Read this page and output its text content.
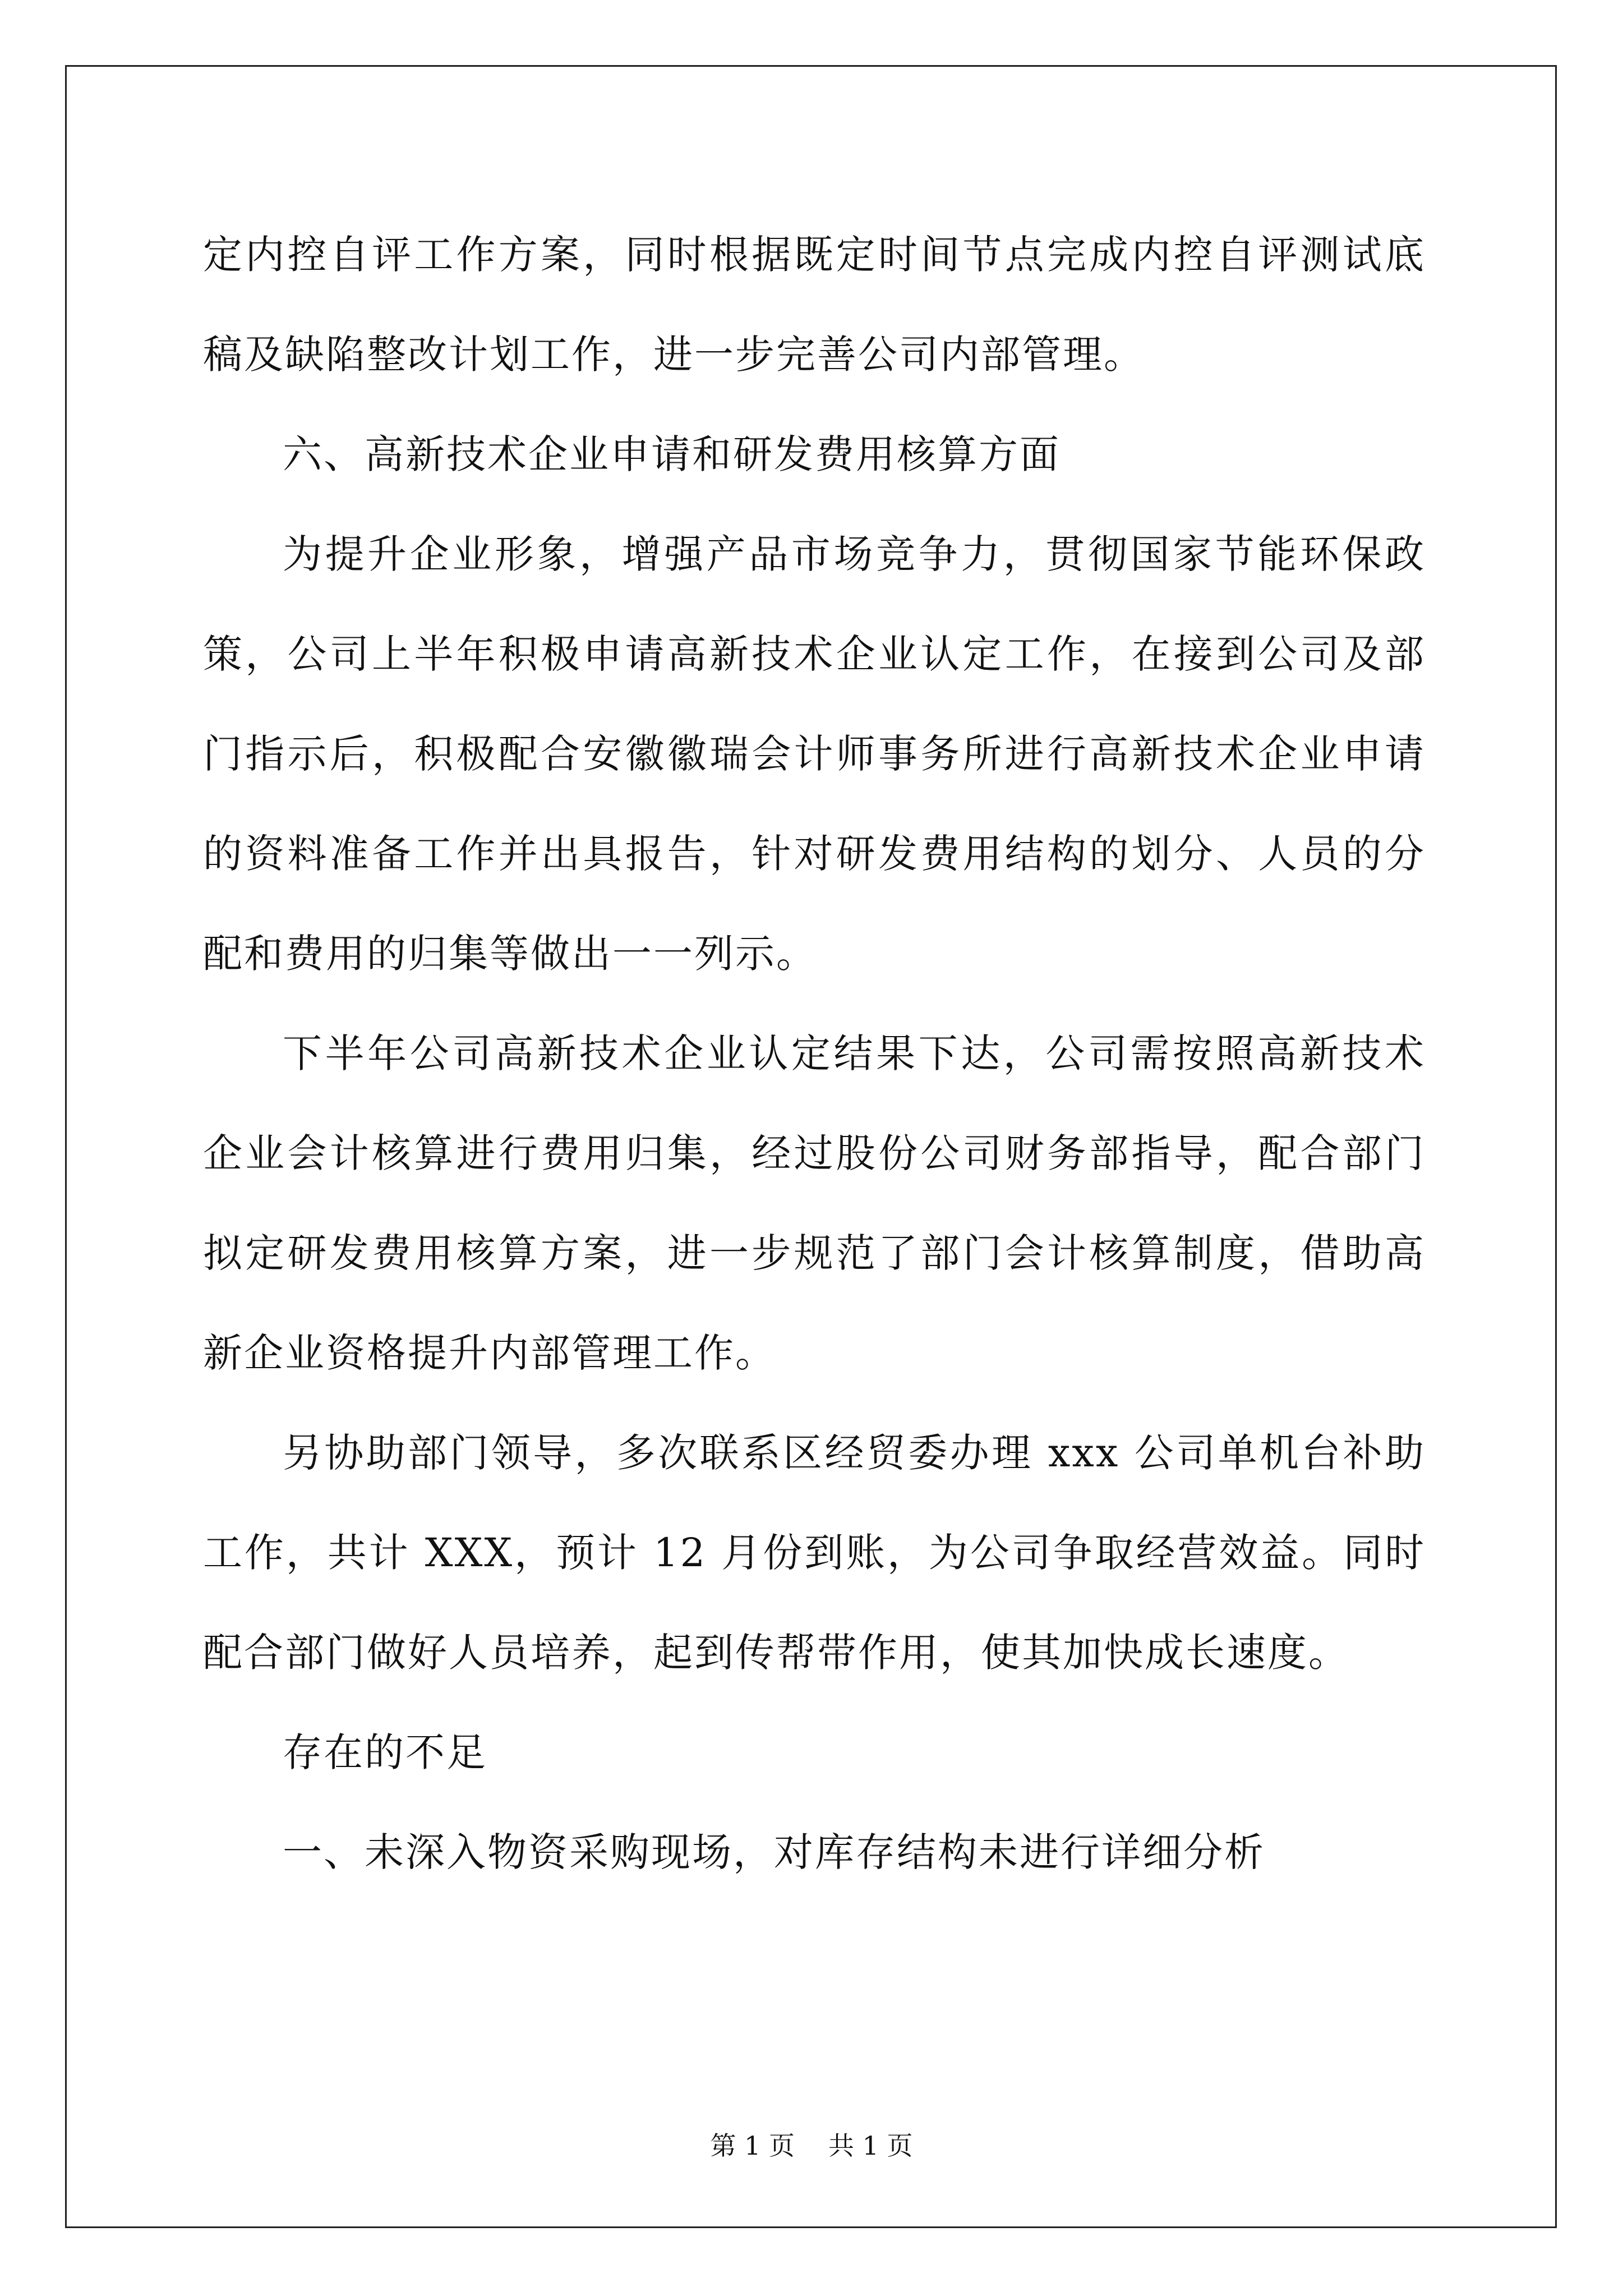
定内控自评工作方案，同时根据既定时间节点完成内控自评测试底稿及缺陷整改计划工作，进一步完善公司内部管理。

六、高新技术企业申请和研发费用核算方面

为提升企业形象，增强产品市场竞争力，贯彻国家节能环保政策，公司上半年积极申请高新技术企业认定工作，在接到公司及部门指示后，积极配合安徽徽瑞会计师事务所进行高新技术企业申请的资料准备工作并出具报告，针对研发费用结构的划分、人员的分配和费用的归集等做出一一列示。

下半年公司高新技术企业认定结果下达，公司需按照高新技术企业会计核算进行费用归集，经过股份公司财务部指导，配合部门拟定研发费用核算方案，进一步规范了部门会计核算制度，借助高新企业资格提升内部管理工作。

另协助部门领导，多次联系区经贸委办理 xxx 公司单机台补助工作，共计 XXX，预计 12 月份到账，为公司争取经营效益。同时配合部门做好人员培养，起到传帮带作用，使其加快成长速度。

存在的不足

一、未深入物资采购现场，对库存结构未进行详细分析

第 1 页 共 1 页
